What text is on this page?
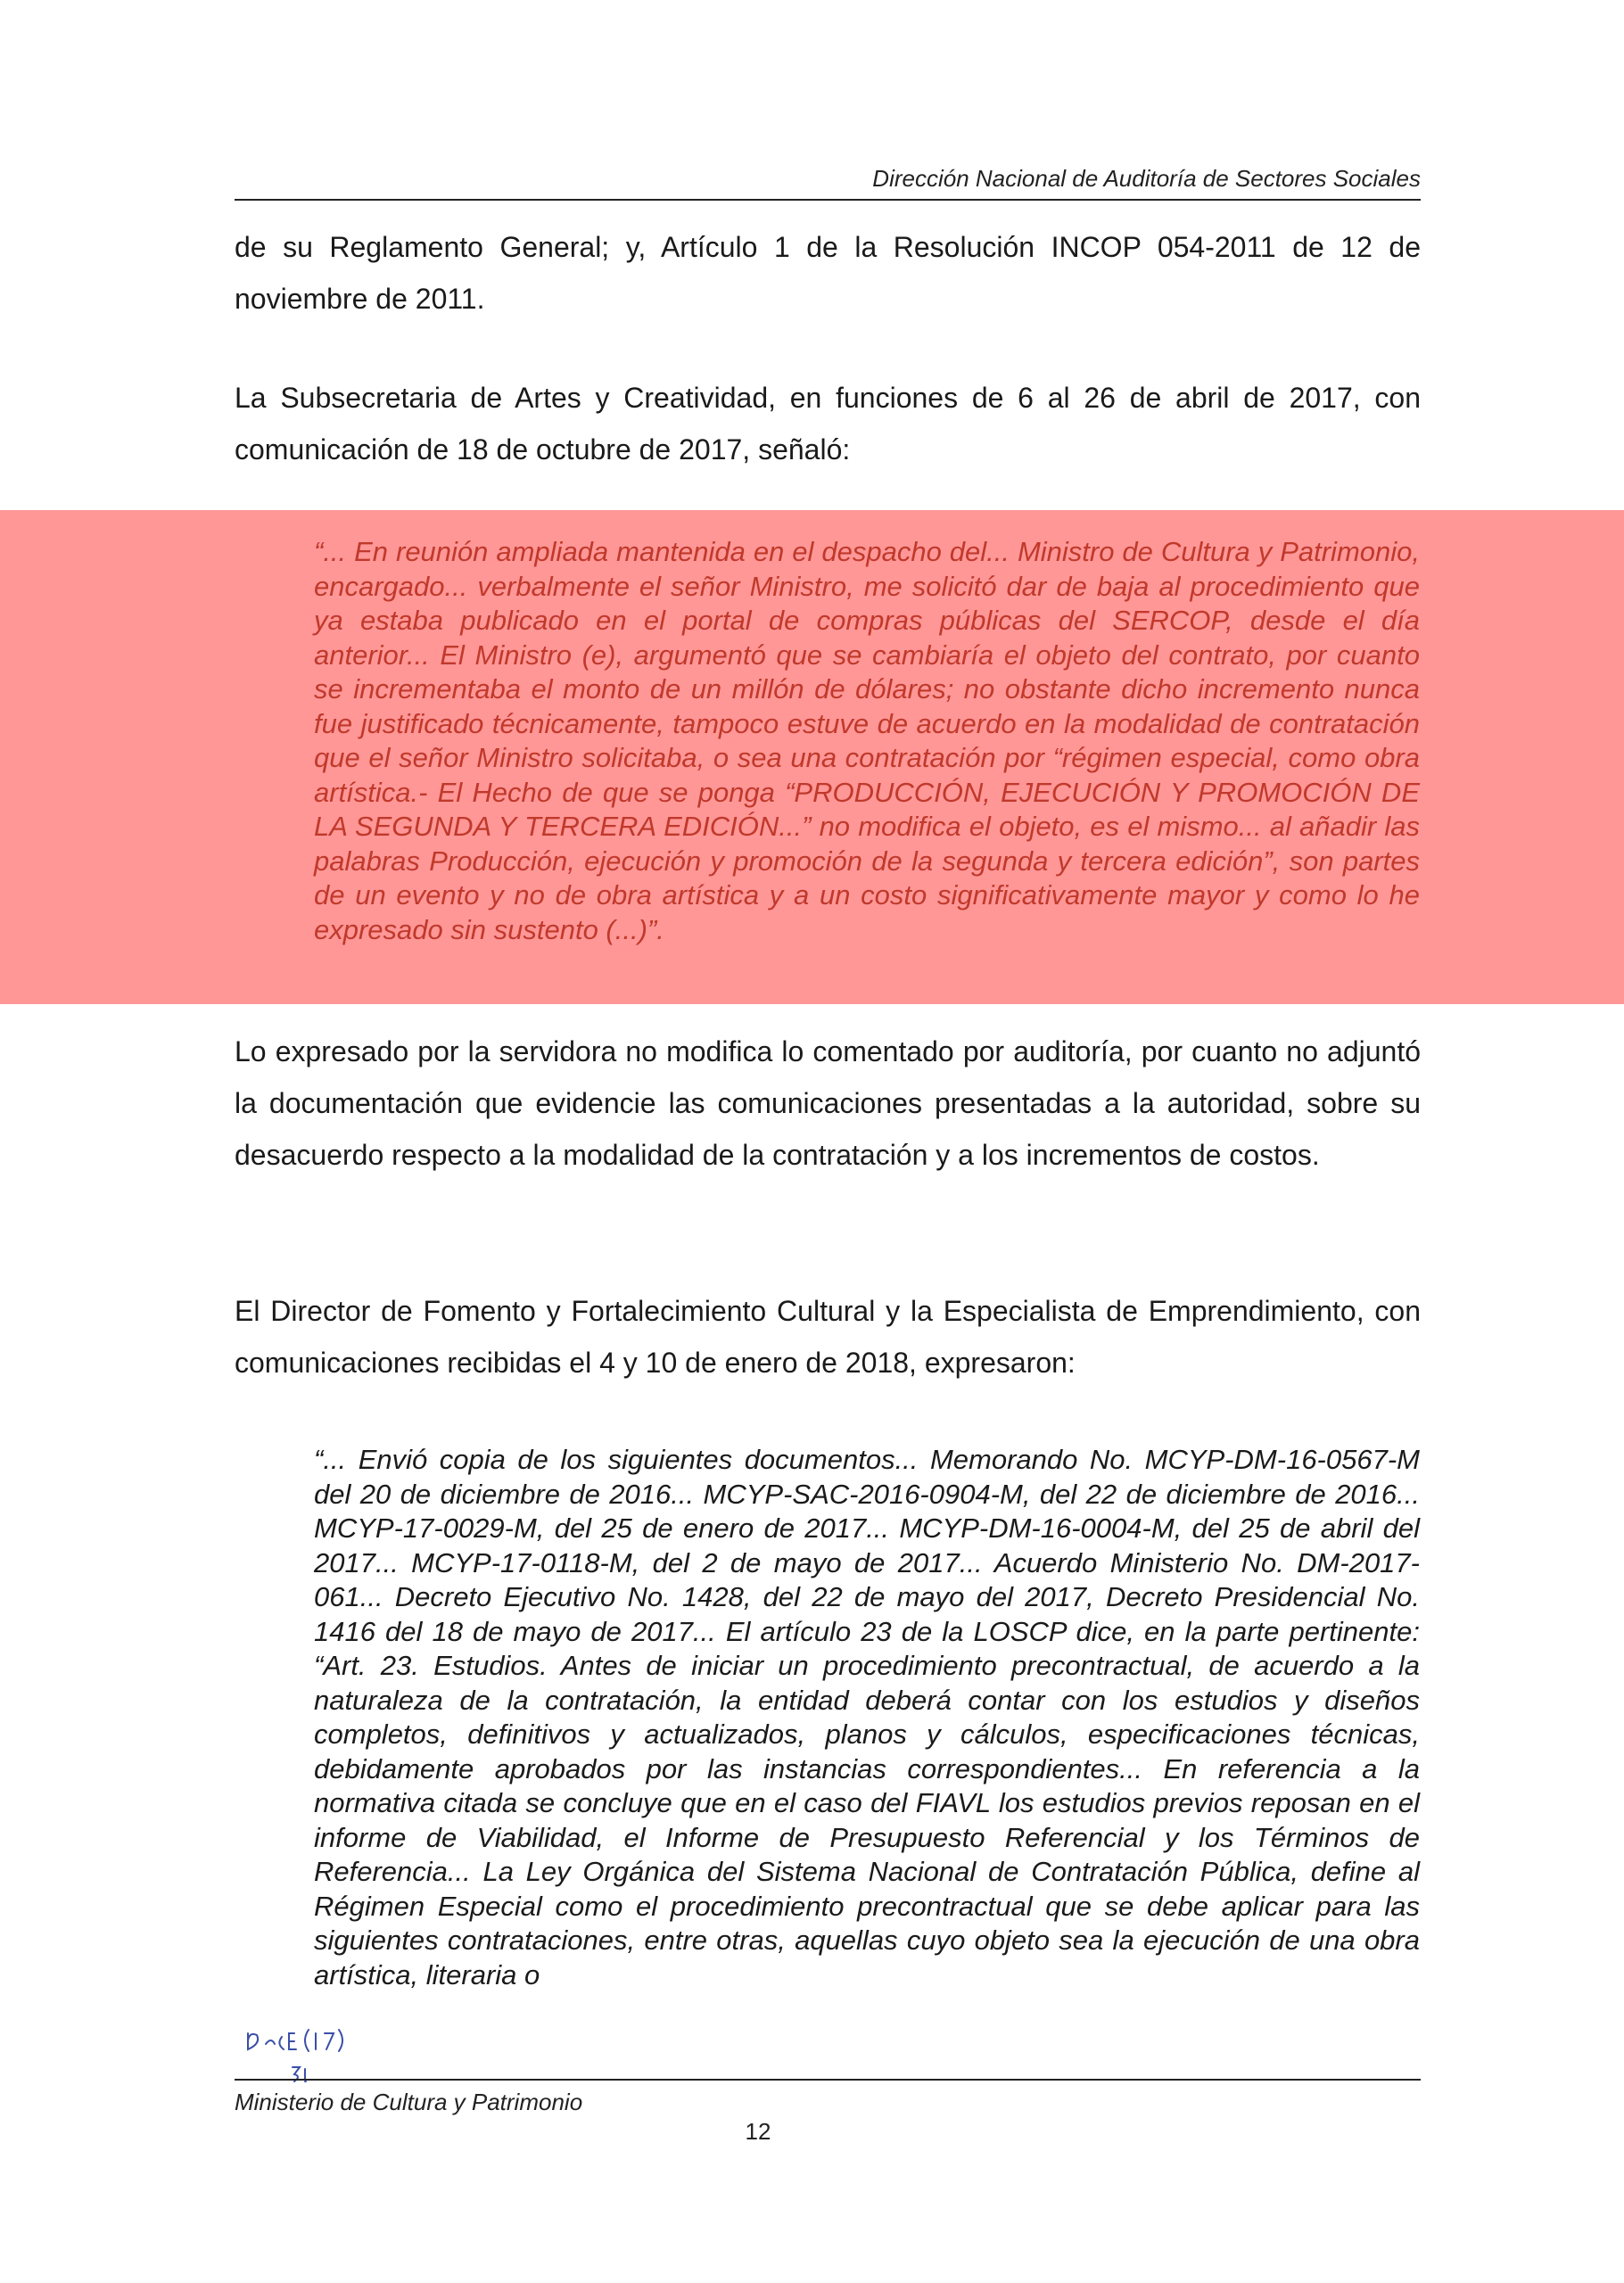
Dirección Nacional de Auditoría de Sectores Sociales

de su Reglamento General; y, Artículo 1 de la Resolución INCOP 054-2011 de 12 de noviembre de 2011.

La Subsecretaria de Artes y Creatividad, en funciones de 6 al 26 de abril de 2017, con comunicación de 18 de octubre de 2017, señaló:

“... En reunión ampliada mantenida en el despacho del... Ministro de Cultura y Patrimonio, encargado... verbalmente el señor Ministro, me solicitó dar de baja al procedimiento que ya estaba publicado en el portal de compras públicas del SERCOP, desde el día anterior... El Ministro (e), argumentó que se cambiaría el objeto del contrato, por cuanto se incrementaba el monto de un millón de dólares; no obstante dicho incremento nunca fue justificado técnicamente, tampoco estuve de acuerdo en la modalidad de contratación que el señor Ministro solicitaba, o sea una contratación por “régimen especial, como obra artística.- El Hecho de que se ponga “PRODUCCIÓN, EJECUCIÓN Y PROMOCIÓN DE LA SEGUNDA Y TERCERA EDICIÓN...” no modifica el objeto, es el mismo... al añadir las palabras Producción, ejecución y promoción de la segunda y tercera edición”, son partes de un evento y no de obra artística y a un costo significativamente mayor y como lo he expresado sin sustento (...)”.

Lo expresado por la servidora no modifica lo comentado por auditoría, por cuanto no adjuntó la documentación que evidencie las comunicaciones presentadas a la autoridad, sobre su desacuerdo respecto a la modalidad de la contratación y a los incrementos de costos.

El Director de Fomento y Fortalecimiento Cultural y la Especialista de Emprendimiento, con comunicaciones recibidas el 4 y 10 de enero de 2018, expresaron:

“... Envió copia de los siguientes documentos... Memorando No. MCYP-DM-16-0567-M del 20 de diciembre de 2016... MCYP-SAC-2016-0904-M, del 22 de diciembre de 2016... MCYP-17-0029-M, del 25 de enero de 2017... MCYP-DM-16-0004-M, del 25 de abril del 2017... MCYP-17-0118-M, del 2 de mayo de 2017... Acuerdo Ministerio No. DM-2017-061... Decreto Ejecutivo No. 1428, del 22 de mayo del 2017, Decreto Presidencial No. 1416 del 18 de mayo de 2017... El artículo 23 de la LOSCP dice, en la parte pertinente: “Art. 23. Estudios. Antes de iniciar un procedimiento precontractual, de acuerdo a la naturaleza de la contratación, la entidad deberá contar con los estudios y diseños completos, definitivos y actualizados, planos y cálculos, especificaciones técnicas, debidamente aprobados por las instancias correspondientes... En referencia a la normativa citada se concluye que en el caso del FIAVL los estudios previos reposan en el informe de Viabilidad, el Informe de Presupuesto Referencial y los Términos de Referencia... La Ley Orgánica del Sistema Nacional de Contratación Pública, define al Régimen Especial como el procedimiento precontractual que se debe aplicar para las siguientes contrataciones, entre otras, aquellas cuyo objeto sea la ejecución de una obra artística, literaria o

Ministerio de Cultura y Patrimonio
12
